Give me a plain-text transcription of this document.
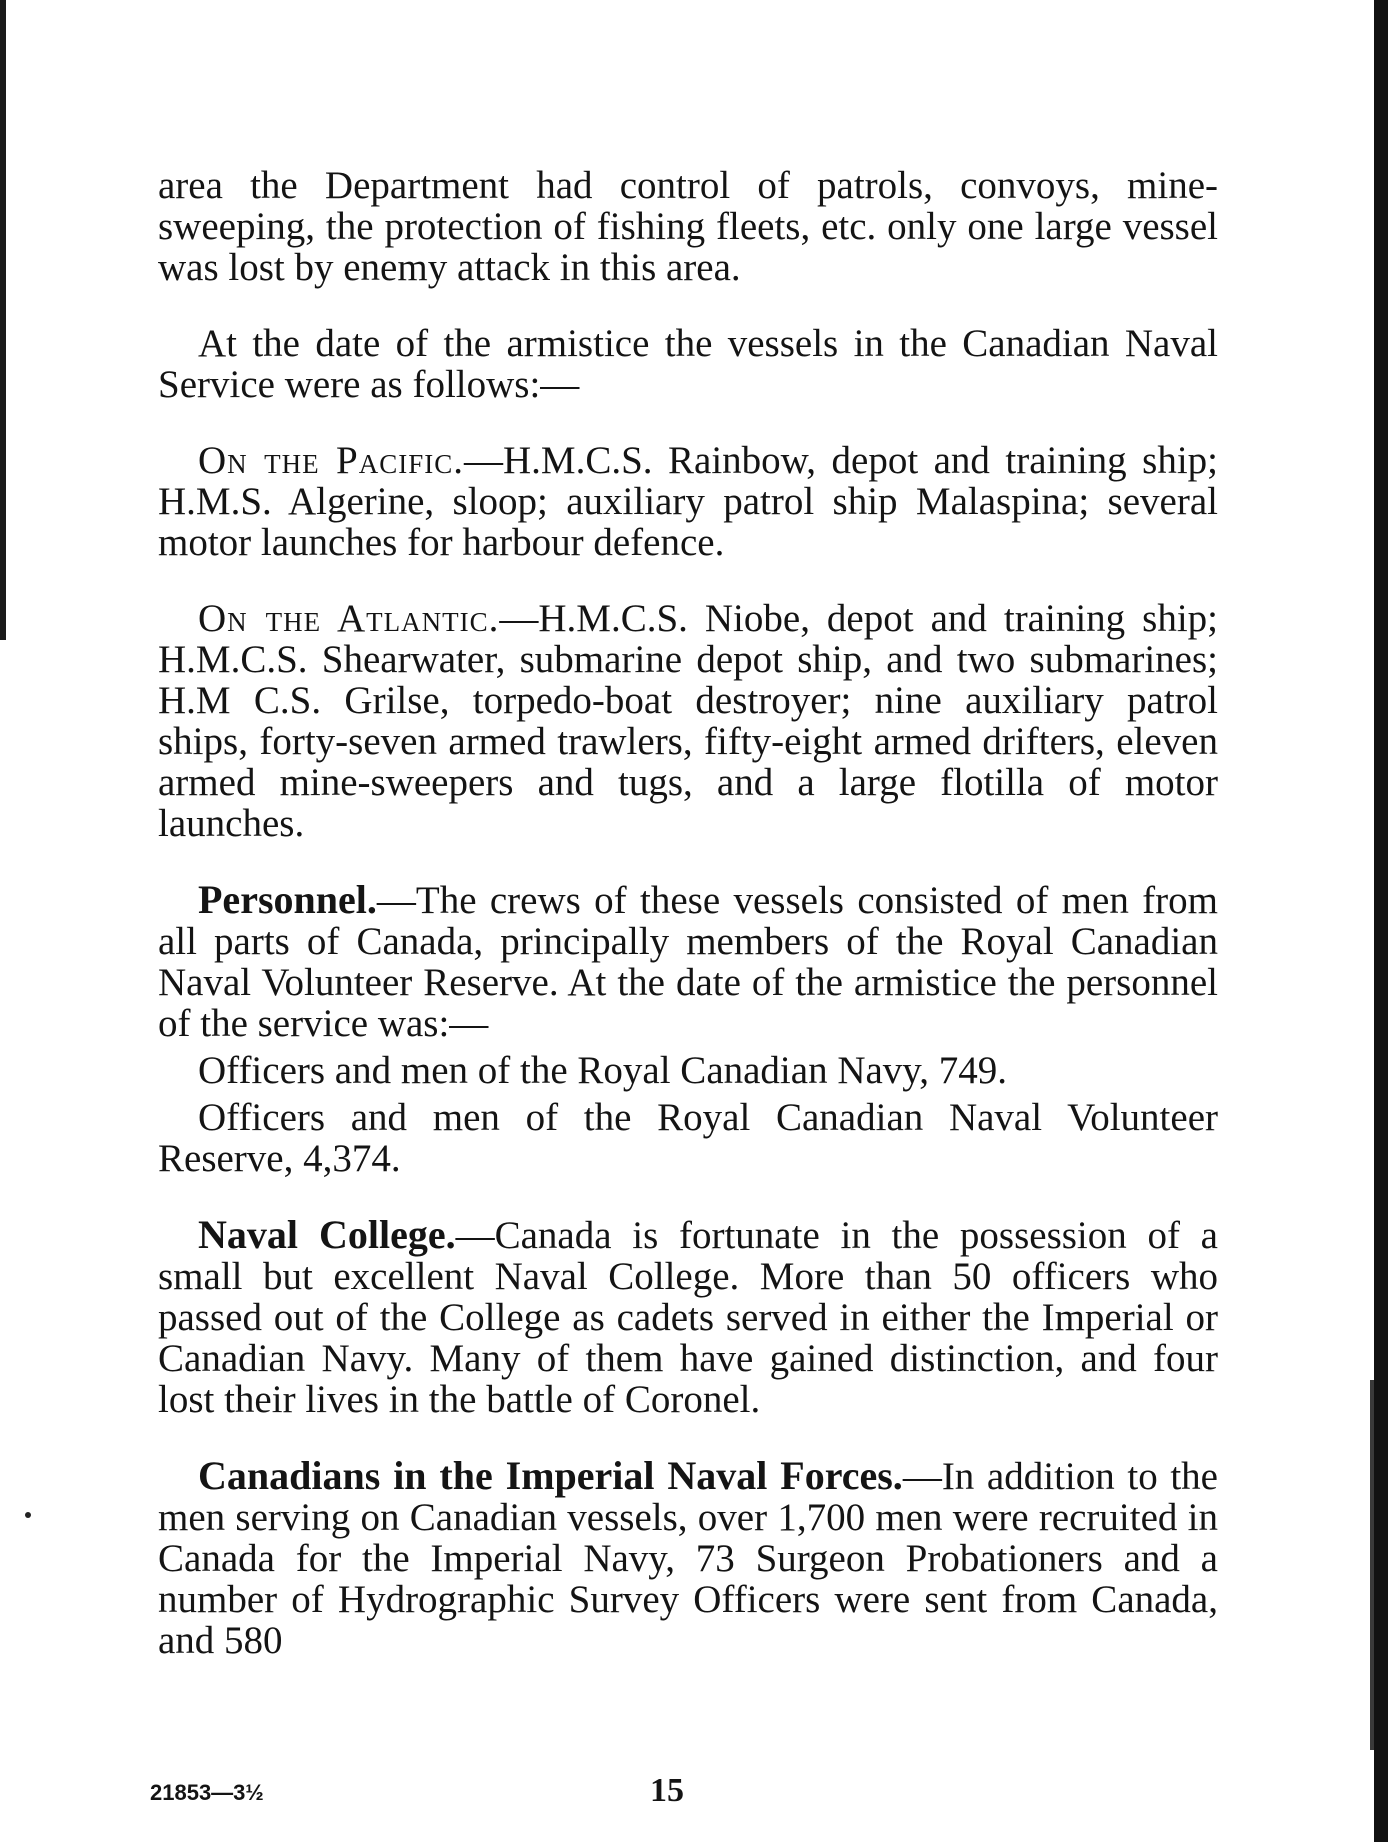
area the Department had control of patrols, convoys, mine-sweeping, the protection of fishing fleets, etc. only one large vessel was lost by enemy attack in this area.

At the date of the armistice the vessels in the Canadian Naval Service were as follows:—

On the Pacific.—H.M.C.S. Rainbow, depot and training ship; H.M.S. Algerine, sloop; auxiliary patrol ship Malaspina; several motor launches for harbour defence.

On the Atlantic.—H.M.C.S. Niobe, depot and training ship; H.M.C.S. Shearwater, submarine depot ship, and two submarines; H.M C.S. Grilse, torpedo-boat destroyer; nine auxiliary patrol ships, forty-seven armed trawlers, fifty-eight armed drifters, eleven armed mine-sweepers and tugs, and a large flotilla of motor launches.

Personnel.—The crews of these vessels consisted of men from all parts of Canada, principally members of the Royal Canadian Naval Volunteer Reserve. At the date of the armistice the personnel of the service was:—

Officers and men of the Royal Canadian Navy, 749.

Officers and men of the Royal Canadian Naval Volunteer Reserve, 4,374.

Naval College.—Canada is fortunate in the possession of a small but excellent Naval College. More than 50 officers who passed out of the College as cadets served in either the Imperial or Canadian Navy. Many of them have gained distinction, and four lost their lives in the battle of Coronel.

Canadians in the Imperial Naval Forces.—In addition to the men serving on Canadian vessels, over 1,700 men were recruited in Canada for the Imperial Navy, 73 Surgeon Probationers and a number of Hydrographic Survey Officers were sent from Canada, and 580

21853—3½	15
